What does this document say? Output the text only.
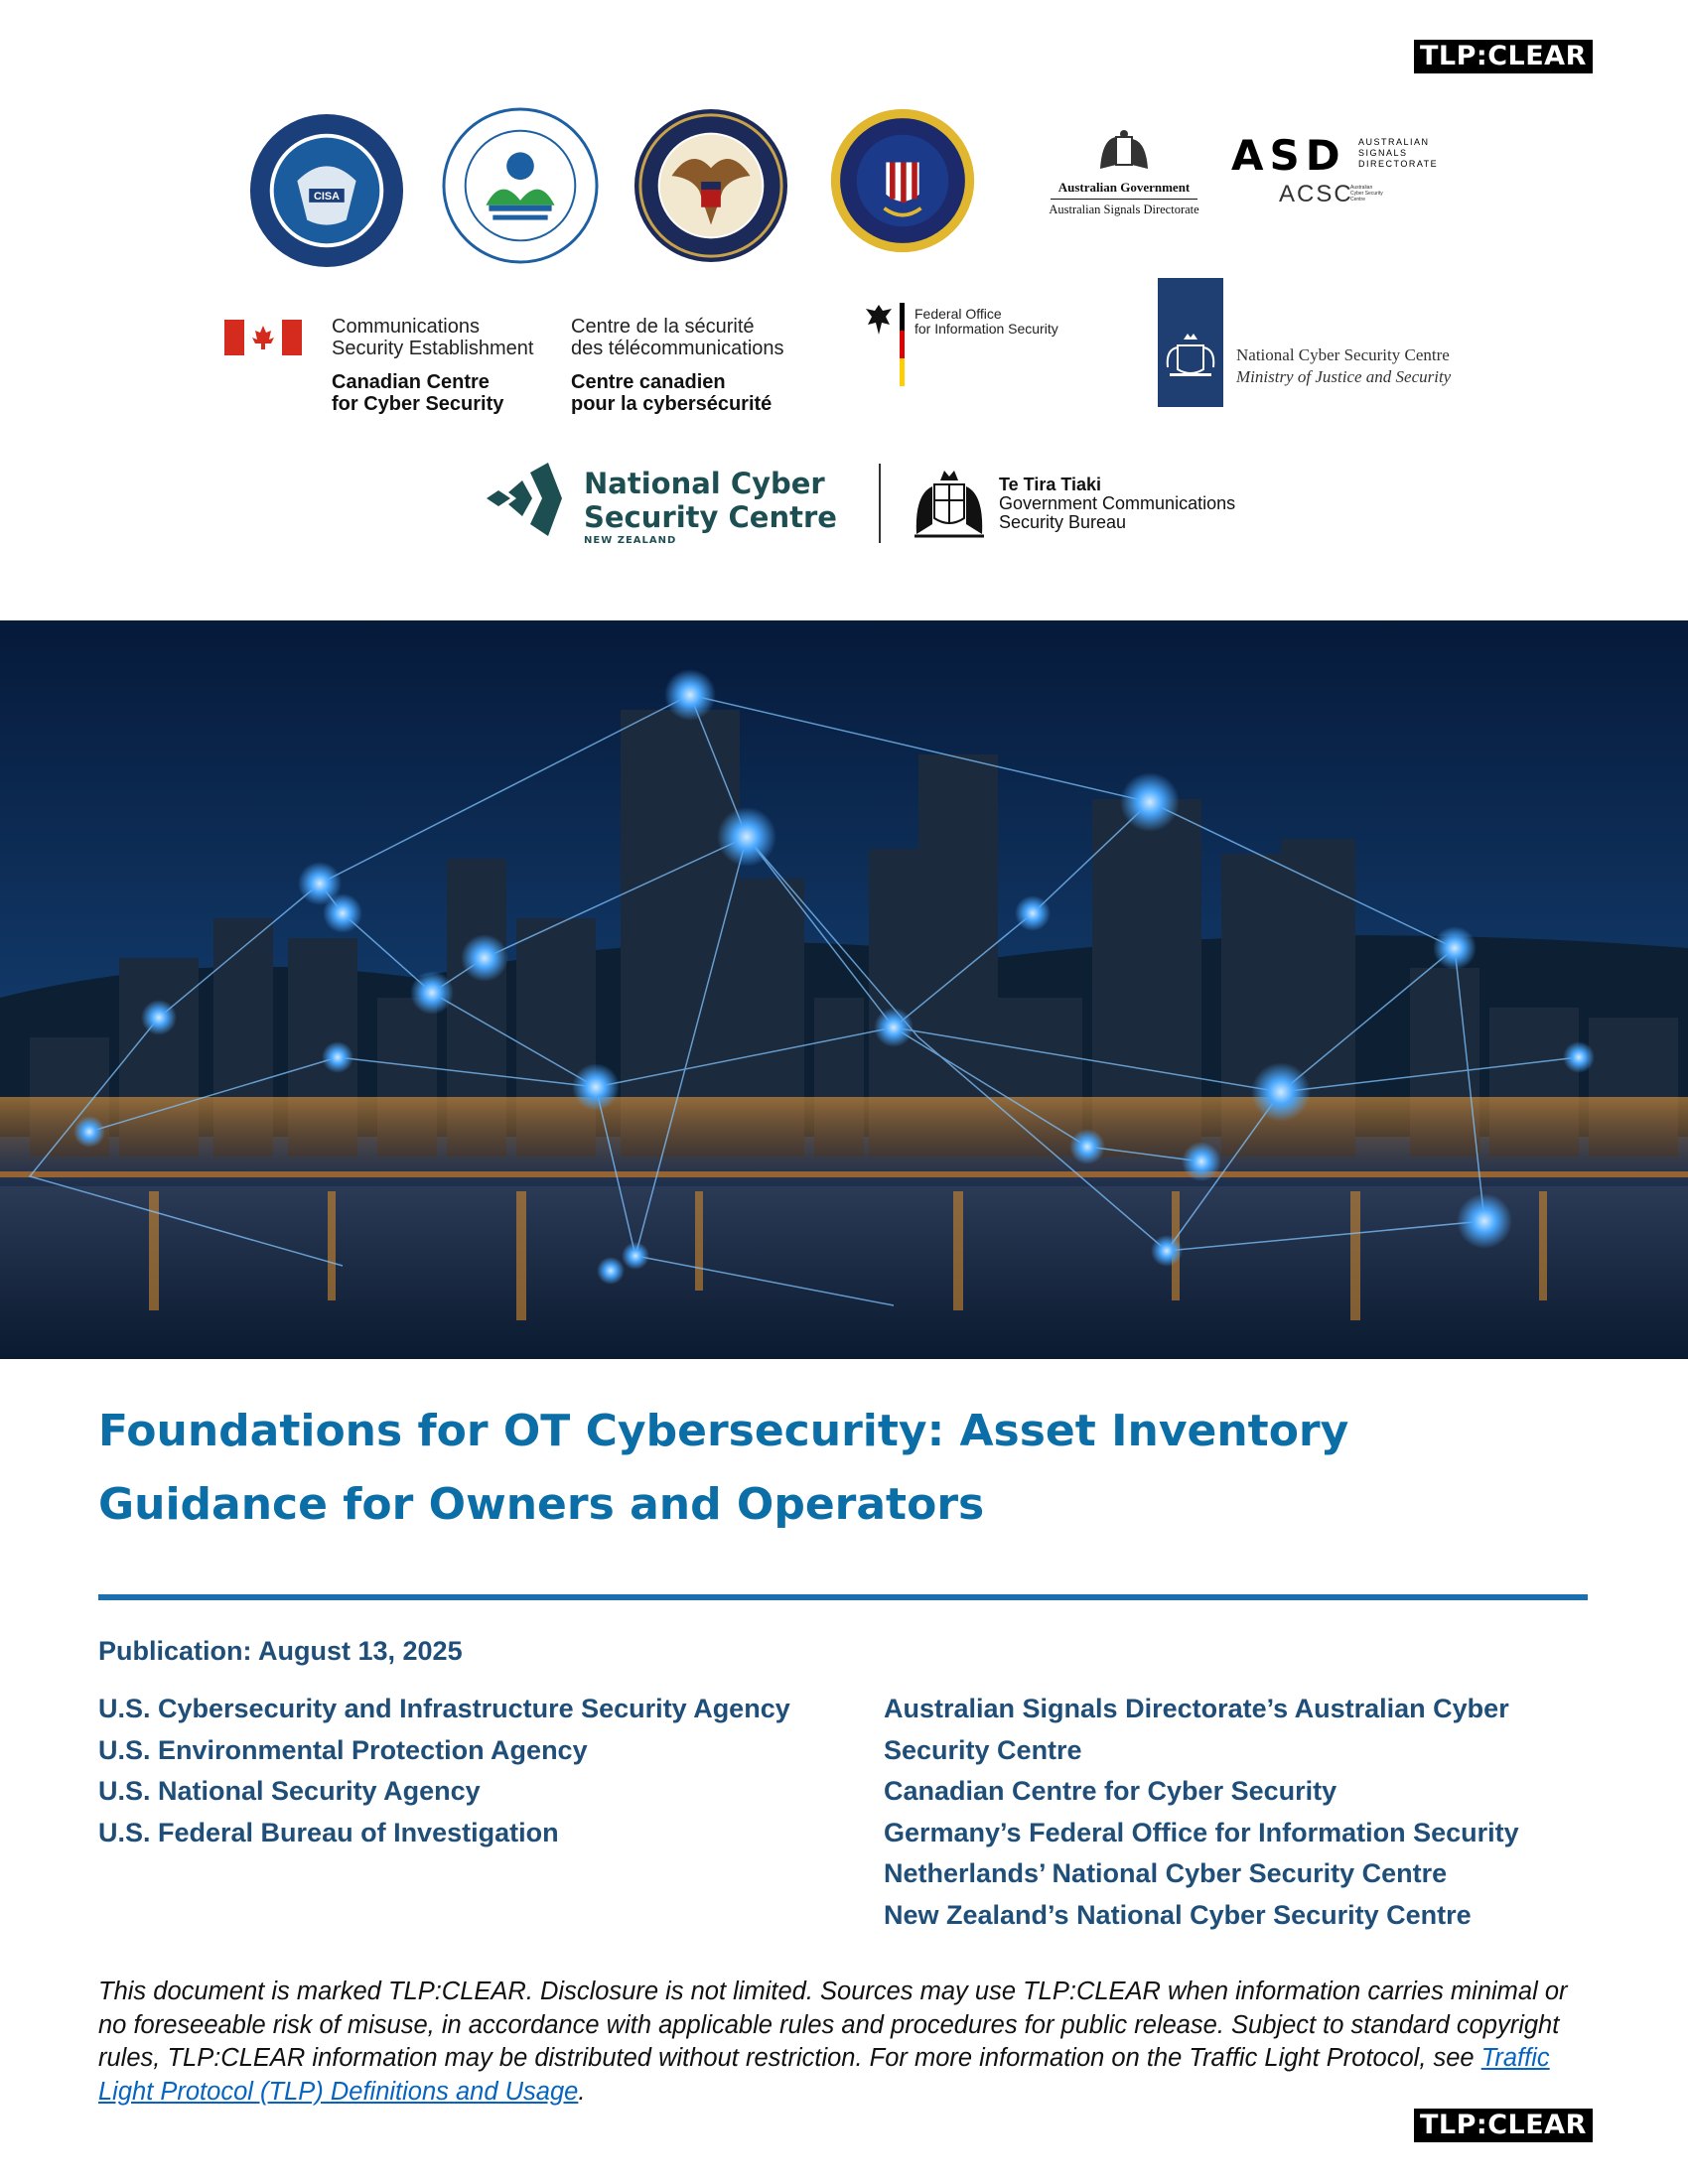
TLP:CLEAR
TLP:CLEAR
CISA
Australian Government
Australian Signals Directorate
ASD AUSTRALIAN
SIGNALS
DIRECTORATE
ACSC
Australian
Cyber Security
Centre
Communications
Security Establishment
Centre de la sécurité
des télécommunications
Canadian Centre
for Cyber Security
Centre canadien
pour la cybersécurité
Federal Office
for Information Security
National Cyber Security Centre
Ministry of Justice and Security
National Cyber
Security Centre
NEW ZEALAND
Te Tira Tiaki
Government Communications
Security Bureau
Foundations for OT Cybersecurity: Asset Inventory
Guidance for Owners and Operators
Publication: August 13, 2025
U.S. Cybersecurity and Infrastructure Security Agency
U.S. Environmental Protection Agency
U.S. National Security Agency
U.S. Federal Bureau of Investigation
Australian Signals Directorate’s Australian Cyber
Security Centre
Canadian Centre for Cyber Security
Germany’s Federal Office for Information Security
Netherlands’ National Cyber Security Centre
New Zealand’s National Cyber Security Centre
This document is marked TLP:CLEAR. Disclosure is not limited. Sources may use TLP:CLEAR when information carries minimal or no foreseeable risk of misuse, in accordance with applicable rules and procedures for public release. Subject to standard copyright rules, TLP:CLEAR information may be distributed without restriction. For more information on the Traffic Light Protocol, see Traffic Light Protocol (TLP) Definitions and Usage.
